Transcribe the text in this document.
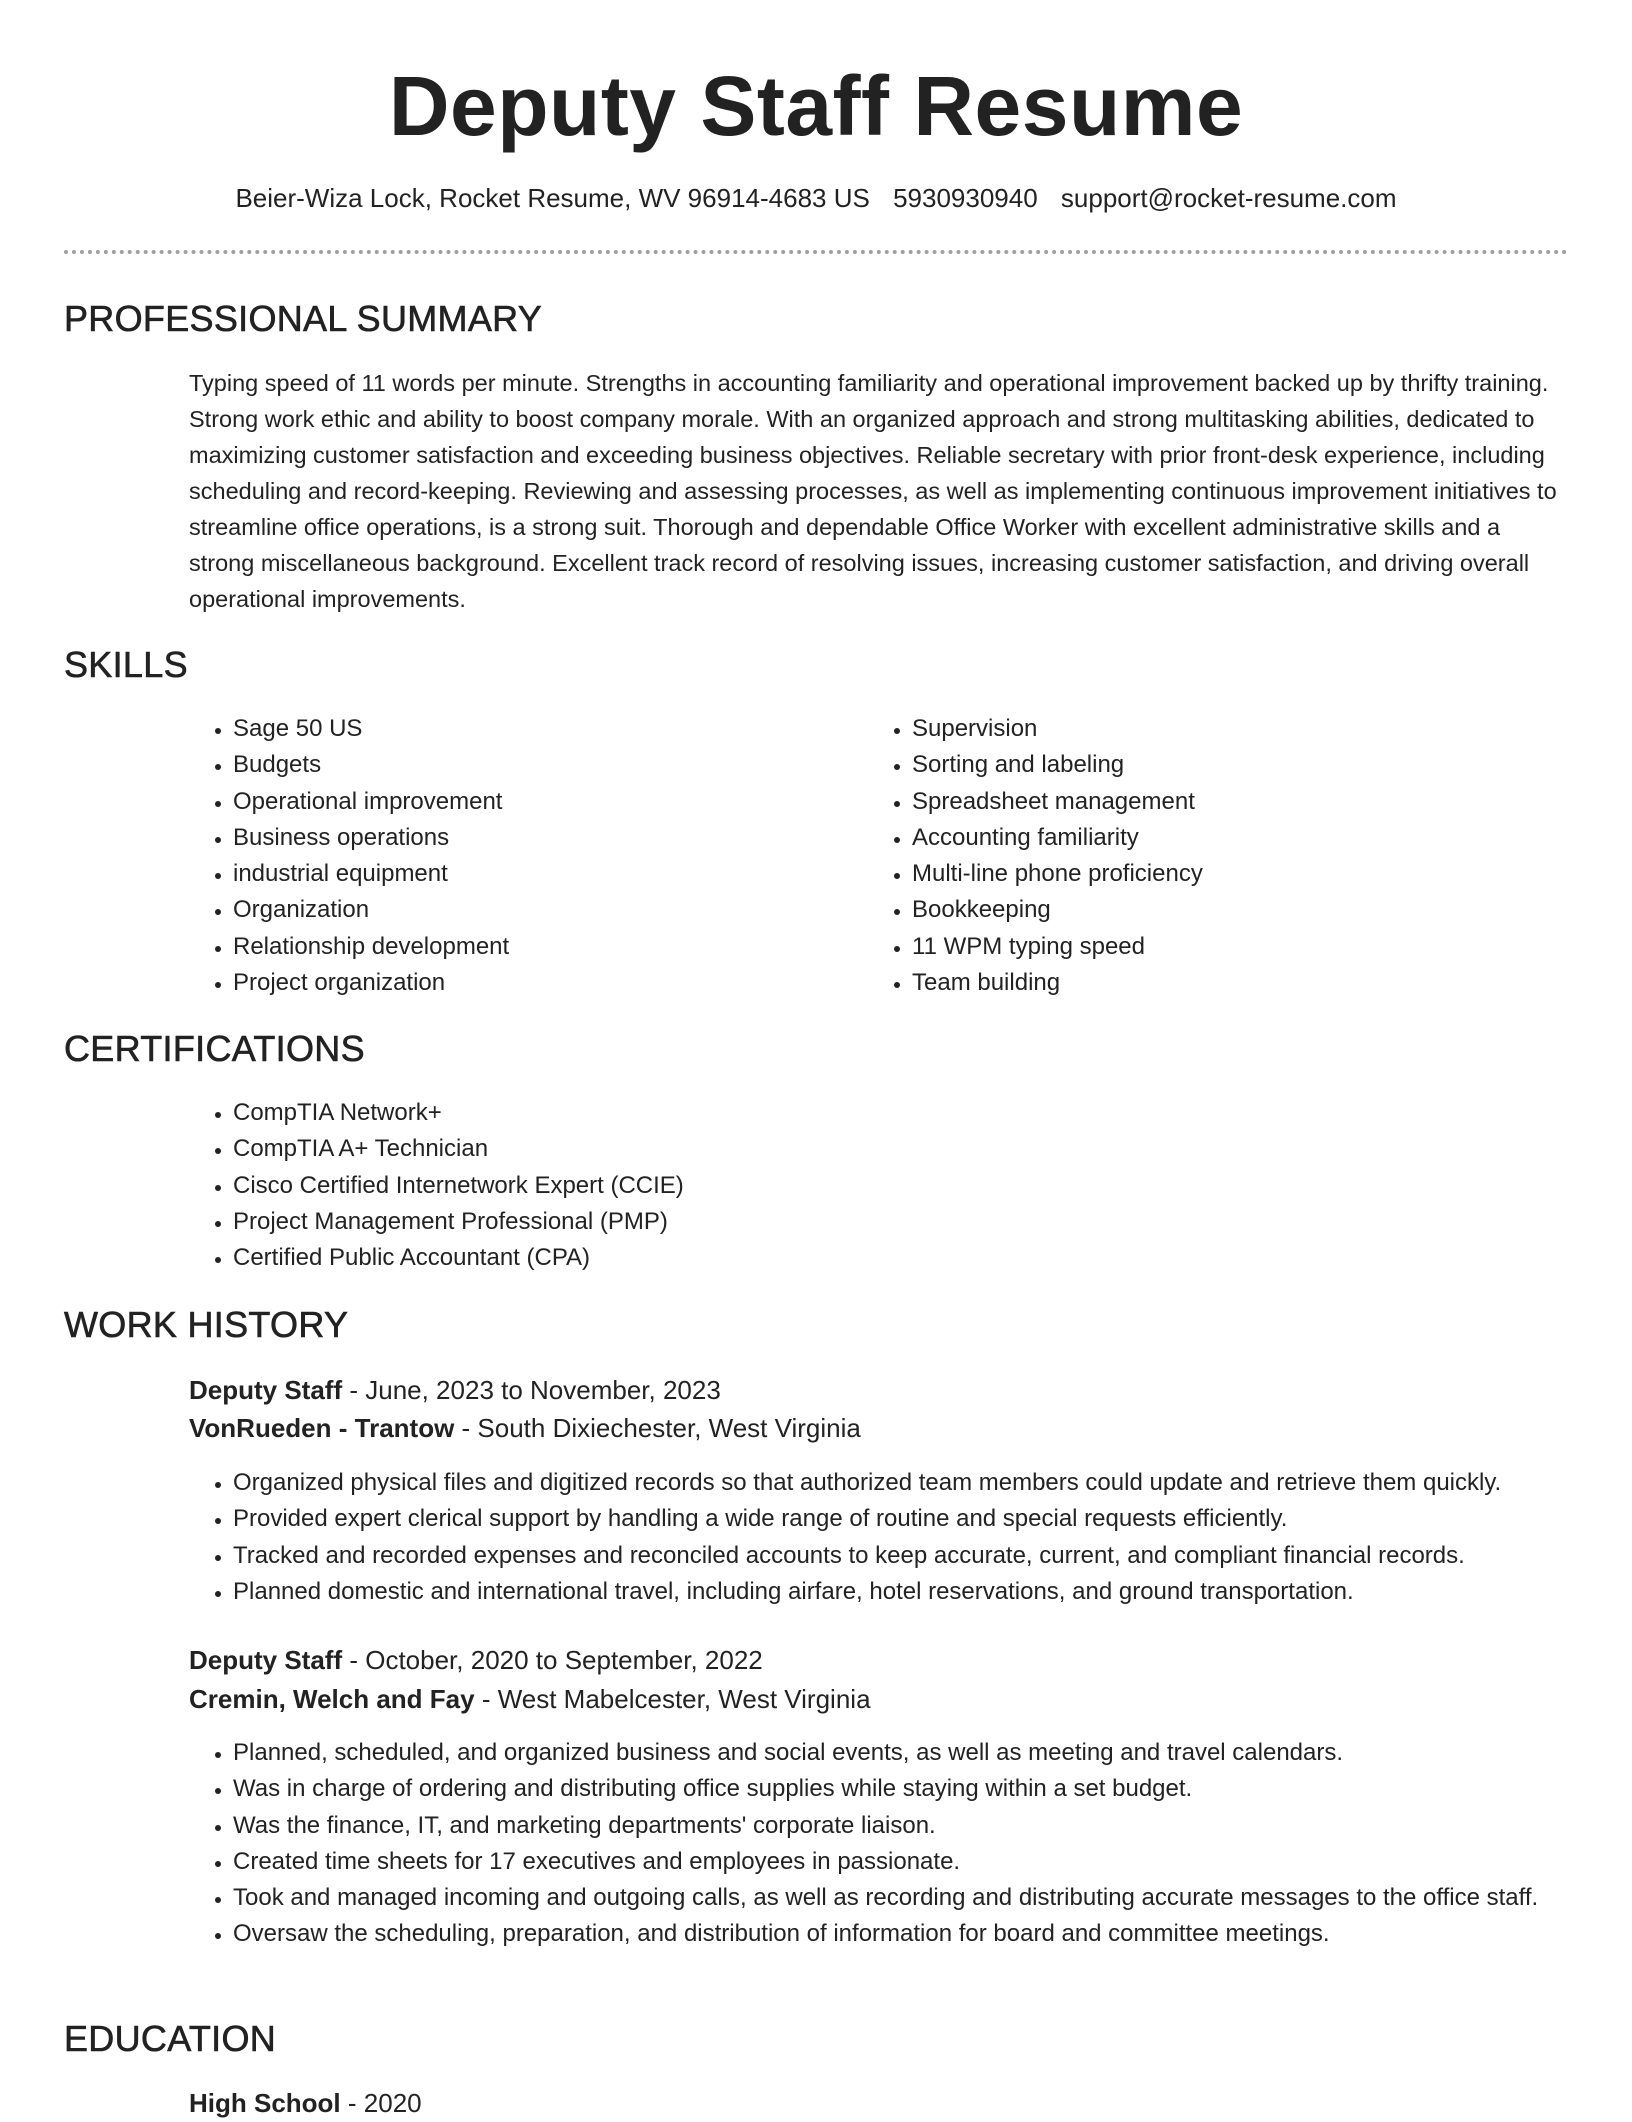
Deputy Staff Resume
Beier-Wiza Lock, Rocket Resume, WV 96914-4683 US 5930930940 support@rocket-resume.com
PROFESSIONAL SUMMARY

Typing speed of 11 words per minute. Strengths in accounting familiarity and operational improvement backed up by thrifty training. Strong work ethic and ability to boost company morale. With an organized approach and strong multitasking abilities, dedicated to maximizing customer satisfaction and exceeding business objectives. Reliable secretary with prior front-desk experience, including scheduling and record-keeping. Reviewing and assessing processes, as well as implementing continuous improvement initiatives to streamline office operations, is a strong suit. Thorough and dependable Office Worker with excellent administrative skills and a strong miscellaneous background. Excellent track record of resolving issues, increasing customer satisfaction, and driving overall operational improvements.

SKILLS
• Sage 50 US
• Budgets
• Operational improvement
• Business operations
• industrial equipment
• Organization
• Relationship development
• Project organization
• Supervision
• Sorting and labeling
• Spreadsheet management
• Accounting familiarity
• Multi-line phone proficiency
• Bookkeeping
• 11 WPM typing speed
• Team building
CERTIFICATIONS
• CompTIA Network+
• CompTIA A+ Technician
• Cisco Certified Internetwork Expert (CCIE)
• Project Management Professional (PMP)
• Certified Public Accountant (CPA)
WORK HISTORY
Deputy Staff - June, 2023 to November, 2023
VonRueden - Trantow - South Dixiechester, West Virginia
• Organized physical files and digitized records so that authorized team members could update and retrieve them quickly.
• Provided expert clerical support by handling a wide range of routine and special requests efficiently.
• Tracked and recorded expenses and reconciled accounts to keep accurate, current, and compliant financial records.
• Planned domestic and international travel, including airfare, hotel reservations, and ground transportation.
Deputy Staff - October, 2020 to September, 2022
Cremin, Welch and Fay - West Mabelcester, West Virginia
• Planned, scheduled, and organized business and social events, as well as meeting and travel calendars.
• Was in charge of ordering and distributing office supplies while staying within a set budget.
• Was the finance, IT, and marketing departments' corporate liaison.
• Created time sheets for 17 executives and employees in passionate.
• Took and managed incoming and outgoing calls, as well as recording and distributing accurate messages to the office staff.
• Oversaw the scheduling, preparation, and distribution of information for board and committee meetings.
EDUCATION
High School - 2020
